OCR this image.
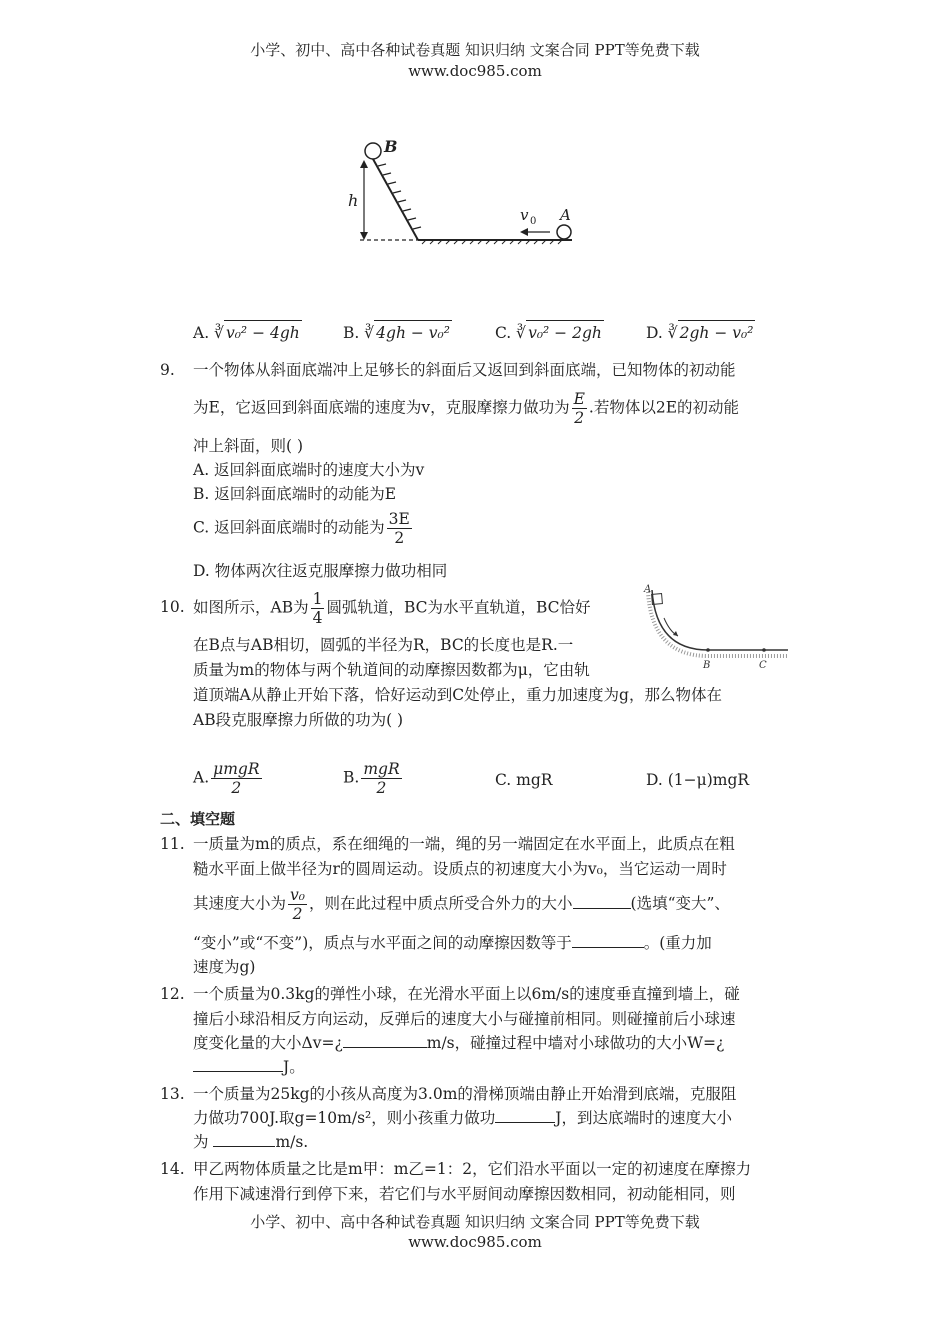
小学、初中、高中各种试卷真题 知识归纳 文案合同 PPT等免费下载
www.doc985.com
B
h
v 0 A
A. ∛ v₀² − 4gh	B. ∛ 4gh − v₀²	C. ∛ v₀² − 2gh	D. ∛ 2gh − v₀²
9. 一个物体从斜面底端冲上足够长的斜面后又返回到斜面底端，已知物体的初动能
为E，它返回到斜面底端的速度为v，克服摩擦力做功为 $\frac{E}{2}$ .若物体以2E的初动能
冲上斜面，则( )
A. 返回斜面底端时的速度大小为v
B. 返回斜面底端时的动能为E
C. 返回斜面底端时的动能为 $\frac{3E}{2}$
D. 物体两次往返克服摩擦力做功相同
10. 如图所示，AB为 $\frac{1}{4}$ 圆弧轨道，BC为水平直轨道，BC恰好
在B点与AB相切，圆弧的半径为R，BC的长度也是R.一
质量为m的物体与两个轨道间的动摩擦因数都为μ，它由轨
道顶端A从静止开始下落，恰好运动到C处停止，重力加速度为g，那么物体在
AB段克服摩擦力所做的功为( )
A
B	C
A. $\frac{\text{μmgR}}{2}$	B. $\frac{\text{mgR}}{2}$	C. mgR	D. (1−μ)mgR
二、填空题
11. 一质量为m的质点，系在细绳的一端，绳的另一端固定在水平面上，此质点在粗
糙水平面上做半径为r的圆周运动。设质点的初速度大小为v₀，当它运动一周时
其速度大小为 $\frac{\text{v₀}}{2}$ ，则在此过程中质点所受合外力的大小	(选填“变大”、
“变小”或“不变”)，质点与水平面之间的动摩擦因数等于	。(重力加
速度为g)
12. 一个质量为0.3kg的弹性小球，在光滑水平面上以6m/s的速度垂直撞到墙上，碰
撞后小球沿相反方向运动，反弹后的速度大小与碰撞前相同。则碰撞前后小球速
度变化量的大小Δv=¿	m/s，碰撞过程中墙对小球做功的大小W=¿
J。
13. 一个质量为25kg的小孩从高度为3.0m的滑梯顶端由静止开始滑到底端，克服阻
力做功700J.取g=10m/s²，则小孩重力做功	J，到达底端时的速度大小
为	m/s.
14. 甲乙两物体质量之比是m甲：m乙=1：2，它们沿水平面以一定的初速度在摩擦力
作用下减速滑行到停下来，若它们与水平厨间动摩擦因数相同，初动能相同，则
小学、初中、高中各种试卷真题 知识归纳 文案合同 PPT等免费下载
www.doc985.com
